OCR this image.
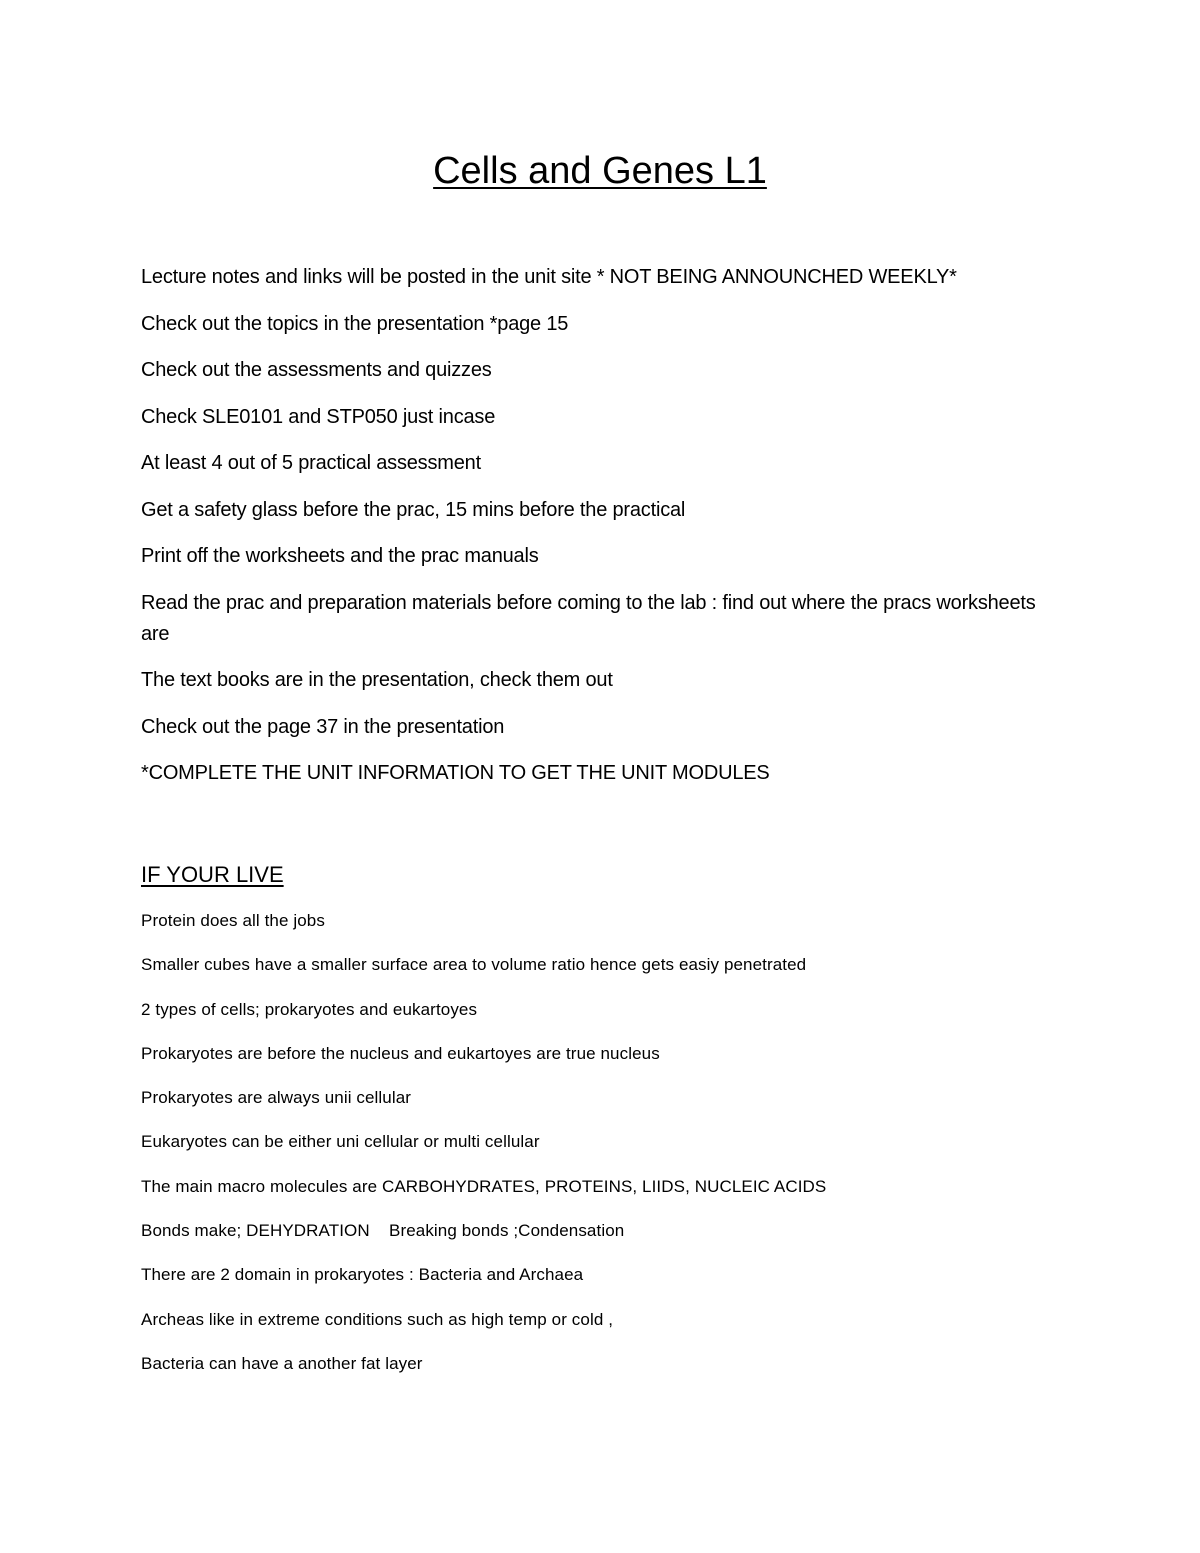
Cells and Genes L1
Lecture notes and links will be posted in the unit site * NOT BEING ANNOUNCHED WEEKLY*
Check out the topics in the presentation *page 15
Check out the assessments and quizzes
Check SLE0101 and STP050 just incase
At least 4 out of 5 practical assessment
Get a safety glass before the prac, 15 mins before the practical
Print off the worksheets and the prac manuals
Read the prac and preparation materials before coming to the lab : find out where the pracs worksheets are
The text books are in the presentation, check them out
Check out the page 37 in the presentation
*COMPLETE THE UNIT INFORMATION TO GET THE UNIT MODULES
IF YOUR LIVE
Protein does all the jobs
Smaller cubes have a smaller surface area to volume ratio hence gets easiy penetrated
2 types of cells; prokaryotes and eukartoyes
Prokaryotes are before the nucleus and eukartoyes are true nucleus
Prokaryotes are always unii cellular
Eukaryotes can be either uni cellular or multi cellular
The main macro molecules are CARBOHYDRATES, PROTEINS, LIIDS, NUCLEIC ACIDS
Bonds make; DEHYDRATION    Breaking bonds ;Condensation
There are 2 domain in prokaryotes : Bacteria and Archaea
Archeas like in extreme conditions such as high temp or cold ,
Bacteria can have a another fat layer
